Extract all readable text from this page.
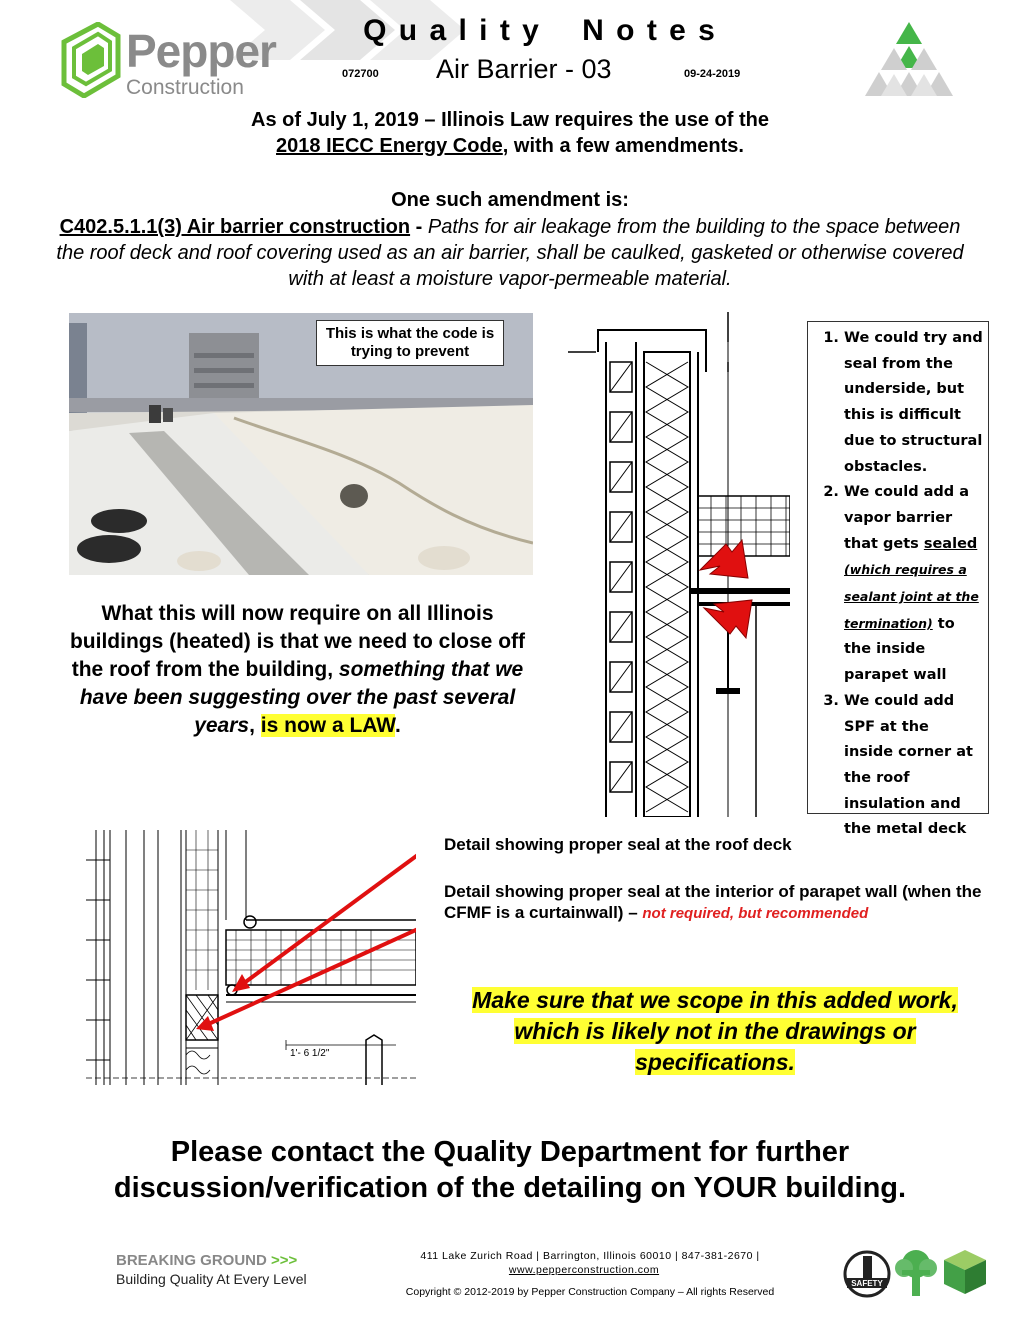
Pepper
Construction
Q u a l i t y    N o t e s
072700 Air Barrier - 03	09-24-2019
As of July 1, 2019 – Illinois Law requires the use of the
2018 IECC Energy Code, with a few amendments.
One such amendment is:
C402.5.1.1(3) Air barrier construction - Paths for air leakage from the building to the space between the roof deck and roof covering used as an air barrier, shall be caulked, gasketed or otherwise covered with at least a moisture vapor-permeable material.
This is what the code is trying to prevent
What this will now require on all Illinois buildings (heated) is that we need to close off the roof from the building, something that we have been suggesting over the past several years, is now a LAW.
1. We could try and seal from the underside, but this is difficult due to structural obstacles.
2. We could add a vapor barrier that gets sealed (which requires a sealant joint at the termination) to the inside parapet wall
3. We could add SPF at the inside corner at the roof insulation and the metal deck
1'- 6 1/2"
Detail showing proper seal at the roof deck
Detail showing proper seal at the interior of parapet wall (when the CFMF is a curtainwall) – not required, but recommended
Make sure that we scope in this added work, which is likely not in the drawings or specifications.
Please contact the Quality Department for further discussion/verification of the detailing on YOUR building.
BREAKING GROUND >>>
Building Quality At Every Level
411 Lake Zurich Road | Barrington, Illinois 60010 | 847-381-2670 |
www.pepperconstruction.com
Copyright © 2012-2019 by Pepper Construction Company – All rights Reserved
SAFETY
